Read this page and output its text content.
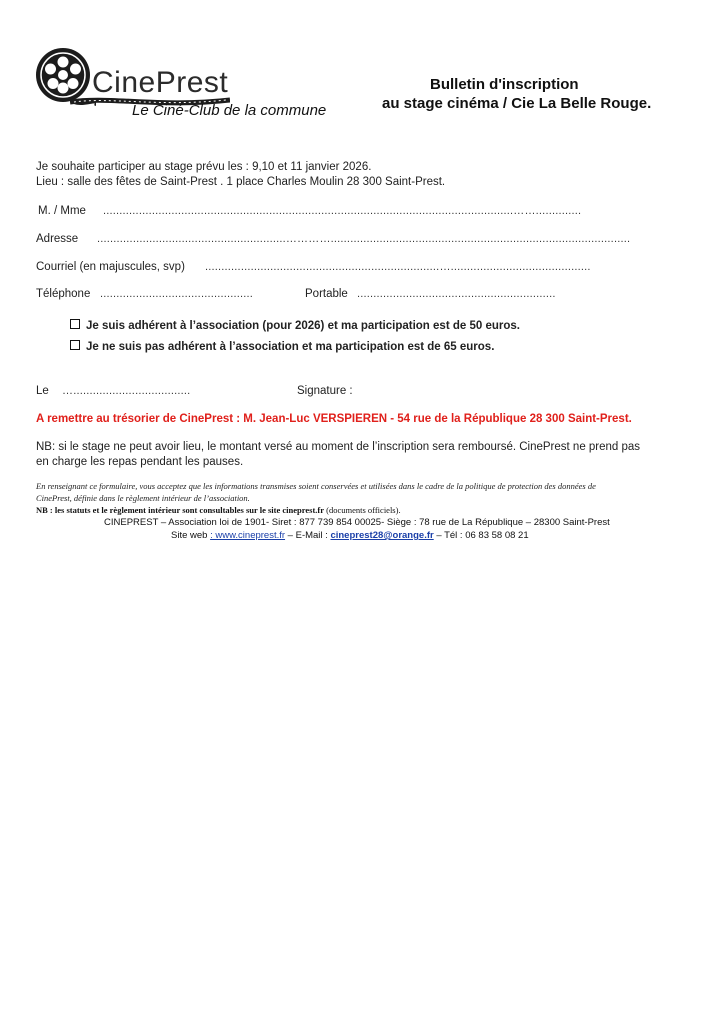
CinePrest
Le Ciné-Club de la commune
Bulletin d'inscription
au stage cinéma / Cie La Belle Rouge.
Je souhaite participer au stage prévu les : 9,10 et 11 janvier 2026.
Lieu : salle des fêtes de Saint-Prest . 1 place Charles Moulin 28 300 Saint-Prest.
M. / Mme ..............................................................................................................................……..............
Adresse ..........................................................…………............................................................................................
Courriel (en majuscules, svp) ........................................................................…...........................................
Téléphone ...............................................	Portable .............................................................
Je suis adhérent à l’association (pour 2026) et ma participation est de 50 euros.
Je ne suis pas adhérent à l’association et ma participation est de 65 euros.
Le …....................................	Signature :
A remettre au trésorier de CinePrest : M. Jean-Luc VERSPIEREN - 54 rue de la République 28 300 Saint-Prest.
NB: si le stage ne peut avoir lieu, le montant versé au moment de l’inscription sera remboursé. CinePrest ne prend pas
en charge les repas pendant les pauses.
En renseignant ce formulaire, vous acceptez que les informations transmises soient conservées et utilisées dans le cadre de la politique de protection des données de
CinePrest, définie dans le règlement intérieur de l’association.
NB : les statuts et le règlement intérieur sont consultables sur le site cineprest.fr (documents officiels).
CINEPREST – Association loi de 1901- Siret : 877 739 854 00025- Siège : 78 rue de La République – 28300 Saint-Prest
Site web : www.cineprest.fr – E-Mail : cineprest28@orange.fr – Tél : 06 83 58 08 21
